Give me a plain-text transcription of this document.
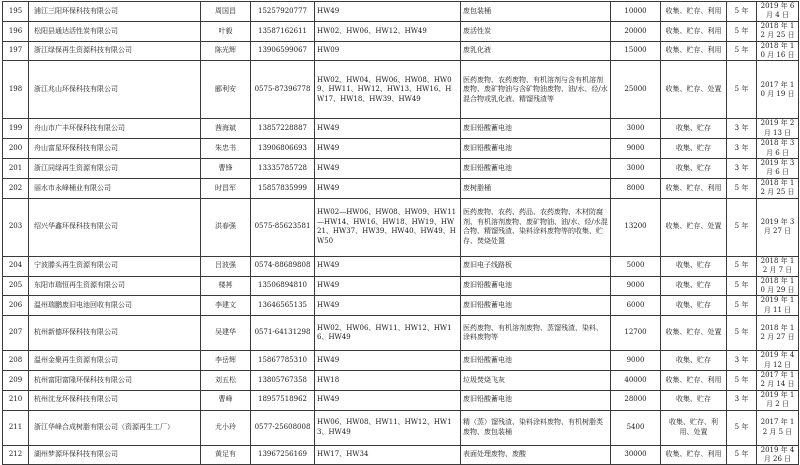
195	浦江三阳环保科技有限公司	周国昌	15257920777	HW49	废包装桶	10000	收集、贮存、利用	5 年	2019 年 6 月 4 日
196	松阳县通达活性炭有限公司	叶毅	13587162611	HW02、HW06、HW12、HW49	废活性炭	20000	收集、贮存、利用	5 年	2018 年 12 月 25 日
197	浙江绿保再生资源科技有限公司	陈光辉	13906599067	HW09	废乳化液	15000	收集、贮存、利用	5 年	2018 年 10 月 16 日
198	浙江兆山环保科技有限公司	郦利安	0575-87396778	HW02、HW04、HW06、HW08、HW09、HW11、HW12、HW13、HW16、HW17、HW18、HW39、HW49	医药废物、农药废物、有机溶剂与含有机溶剂废物、废矿物油与含矿物油废物、油/水、烃/水混合物或乳化液、精馏残渣等	25000	收集、贮存、处置	5 年	2017 年 10 月 19 日
199	舟山市广丰环保科技有限公司	茜海斌	13857228887	HW49	废旧铅酸蓄电池	3000	收集、贮存	3 年	2019 年 2 月 13 日
200	舟山富星环保科技有限公司	朱忠书	13906806693	HW49	废旧铅酸蓄电池	9000	收集、贮存	3 年	2018 年 3 月 6 日
201	浙江同绿再生资源有限公司	曹锋	13335785728	HW49	废旧铅酸蓄电池	3000	收集、贮存	3 年	2019 年 3 月 6 日
202	丽水市永峰桶业有限公司	时昌军	15857835999	HW49	废树脂桶	8000	收集、贮存、利用	5 年	2018 年 12 月 25 日
203	绍兴华鑫环保科技有限公司	洪春强	0575-85623581	HW02—HW06、HW08、HW09、HW11—HW14、HW16、HW18、HW19、HW21、HW37、HW39、HW40、HW49、HW50	医药废物、农药、药品、农药废物、木材防腐剂、有机溶剂废物、废矿物油、油/水、烃/水混合物、精馏残渣、染料涂料废物等的收集、贮存、焚烧处置	13200	收集、贮存、处置	5 年	2019 年 3 月 27 日
204	宁波滕头再生资源有限公司	吕波强	0574-88689808	HW49	废旧电子线路板	5000	收集、贮存	5 年	2018 年 12 月 7 日
205	东阳市瑞恒再生资源有限公司	楼苒	13506894810	HW49	废旧铅酸蓄电池	9000	收集、贮存	5 年	2018 年 10 月 29 日
206	温州瑞鹏废旧电池回收有限公司	李建文	13646565135	HW49	废旧铅酸蓄电池	6000	收集、贮存	5 年	2019 年 1 月 11 日
207	杭州新德环保科技有限公司	吴建华	0571-64131298	HW02、HW06、HW11、HW12、HW16、HW49	医药废物、有机溶剂废物、蒸馏残渣、染料、涂料废物等	12700	收集、贮存、处置	5 年	2018 年 12 月 27 日
208	温州金聚再生资源有限公司	李岳辉	15867785310	HW49	废旧铅酸蓄电池	9000	收集、贮存	3 年	2019 年 4 月 12 日
209	杭州富阳富隆环保科技有限公司	刘五松	13805767358	HW18	垃圾焚烧飞灰	40000	收集、贮存、利用	5 年	2017 年 12 月 14 日
210	杭州沈龙环保科技有限公司	曹峰	18957518962	HW49	废旧铅酸蓄电池	28000	收集、贮存	3 年	2019 年 1 月 2 日
211	浙江华峰合成树脂有限公司（资源再生工厂）	尤小玲	0577-25608008	HW06、HW08、HW11、HW12、HW13、HW49	精（蒸）馏残渣、染料涂料废物、有机树脂类废物、废包装桶	5400	收集、贮存、利用、处置	5 年	2017 年 12 月 5 日
212	湖州梦源环保科技有限公司	黄足有	13967256169	HW17、HW34	表面处理废物、废酸	30000	收集、贮存、利用	5 年	2019 年 4 月 26 日
